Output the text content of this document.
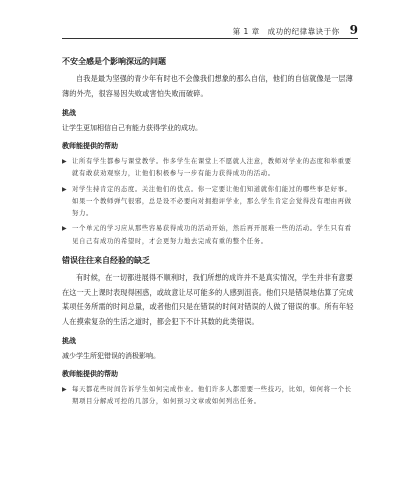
第 1 章　成功的纪律靠诀于你 9
不安全感是个影响深远的问题

自我是最为坚强的青少年有时也不会像我们想象的那么自信，他们的自信就像是一层薄薄的外壳，很容易因失败或害怕失败而破碎。

挑战

让学生更加相信自己有能力获得学业的成功。

教师能提供的帮助
▶ 让所有学生都参与课堂教学。作多学生在课堂上不愿就人注意，教师对学业的态度和举重要就有敢获劝观察力，让他们积极参与一步有能力获得成功的活动。
▶ 对学生持肯定的态度。关注他们的优点。你一定要让他们知道就你们能过的哪些事是好事。如果一个教师弹气很邪，总是设不必要向对拥抱评学业，那么学生肯定会觉得没有理由再做努力。
▶ 一个单元的学习应从那些容易获得成功的活动开始，然后再开展难一些的活动。学生只有看见自己有成功的希望时，才会更努力地去完成有重的整个任务。
错误往往来自经验的缺乏

有时候，在一切都进展得不顺利时，我们所想的成许并不是真实情况，学生并非有意要在这一天上课时表现得困惑，或故意让尽可能多的人感到沮丧。他们只是错误地估算了完成某项任务所需的时间总量，或者他们只是在错误的时间对错误的人做了错误的事。所有年轻人在摸索复杂的生活之道时，都会犯下不计其数的此类错误。

挑战

减少学生所犯错误的消极影响。

教师能提供的帮助
▶ 每天都花些时间告诉学生如何完成作业。他们许多人都需要一些技巧，比如，如何将一个长期项目分解成可控的几部分，如何预习文章或如何列出任务。
